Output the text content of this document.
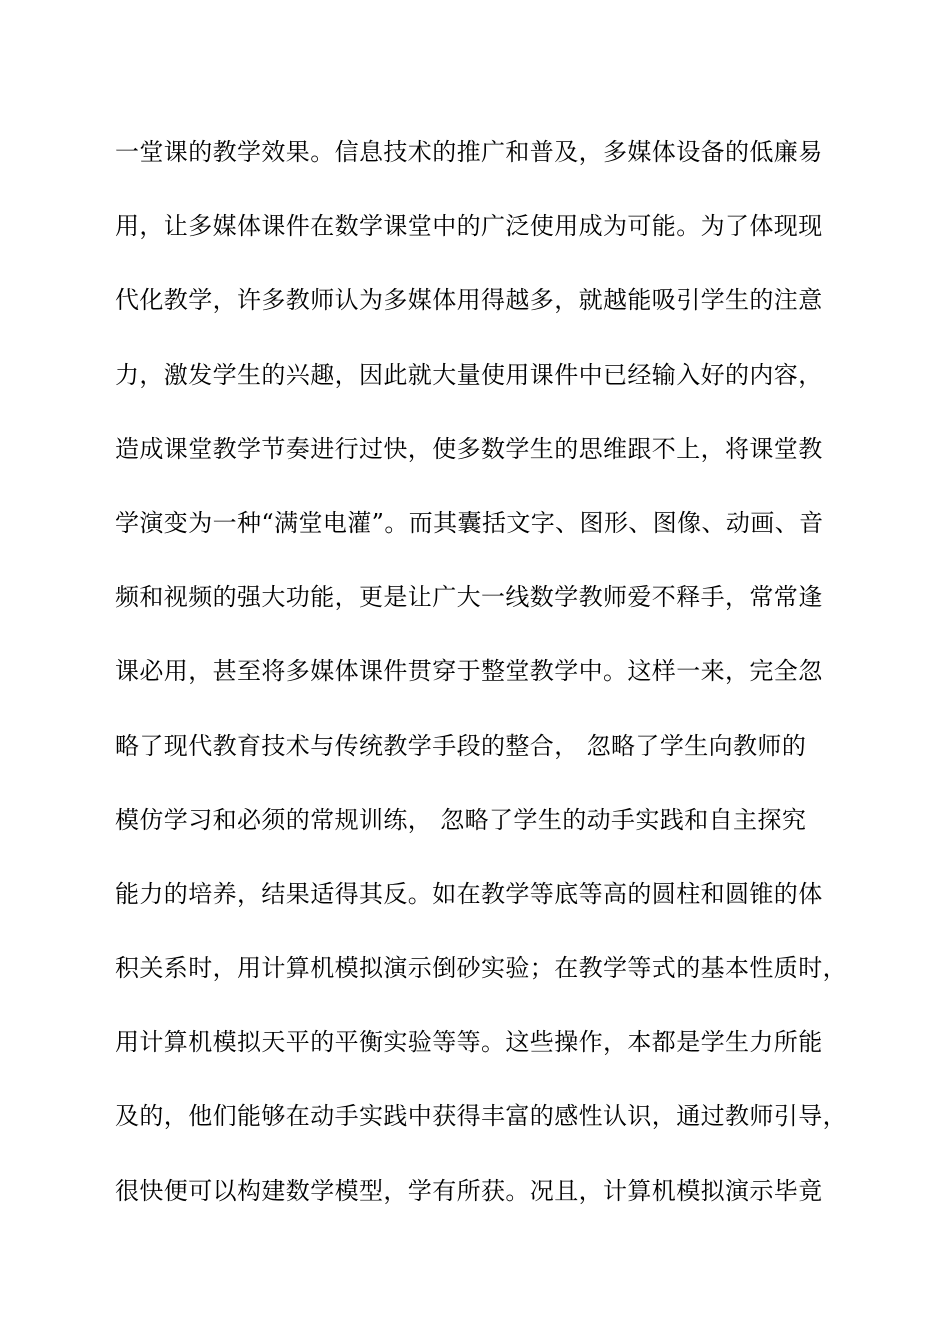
一堂课的教学效果。信息技术的推广和普及，多媒体设备的低廉易
用，让多媒体课件在数学课堂中的广泛使用成为可能。为了体现现
代化教学，许多教师认为多媒体用得越多，就越能吸引学生的注意
力，激发学生的兴趣，因此就大量使用课件中已经输入好的内容，
造成课堂教学节奏进行过快，使多数学生的思维跟不上，将课堂教
学演变为一种“满堂电灌”。而其囊括文字、图形、图像、动画、音
频和视频的强大功能，更是让广大一线数学教师爱不释手，常常逢
课必用，甚至将多媒体课件贯穿于整堂教学中。这样一来，完全忽
略了现代教育技术与传统教学手段的整合， 忽略了学生向教师的
模仿学习和必须的常规训练， 忽略了学生的动手实践和自主探究
能力的培养，结果适得其反。如在教学等底等高的圆柱和圆锥的体
积关系时，用计算机模拟演示倒砂实验；在教学等式的基本性质时，
用计算机模拟天平的平衡实验等等。这些操作，本都是学生力所能
及的，他们能够在动手实践中获得丰富的感性认识，通过教师引导，
很快便可以构建数学模型，学有所获。况且，计算机模拟演示毕竟
